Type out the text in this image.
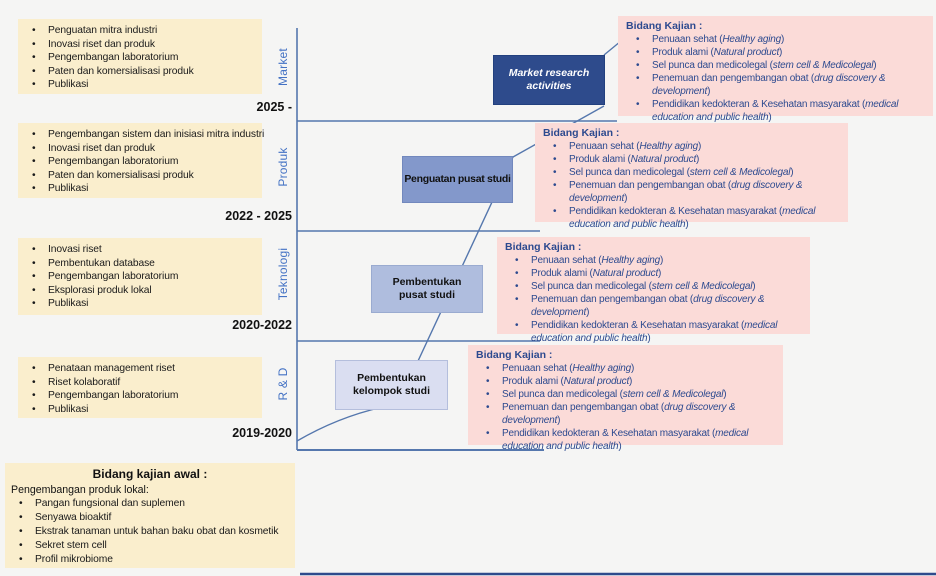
• Penguatan mitra industri
• Inovasi riset dan produk
• Pengembangan laboratorium
• Paten dan komersialisasi produk
• Publikasi
• Pengembangan sistem dan inisiasi mitra industri
• Inovasi riset dan produk
• Pengembangan laboratorium
• Paten dan komersialisasi produk
• Publikasi
• Inovasi riset
• Pembentukan database
• Pengembangan laboratorium
• Eksplorasi produk lokal
• Publikasi
• Penataan management riset
• Riset kolaboratif
• Pengembangan laboratorium
• Publikasi
Market
Produk
Teknologi
R & D
2025 -
2022 - 2025
2020-2022
2019-2020
Market research activities
Penguatan pusat studi
Pembentukan pusat studi
Pembentukan kelompok studi
Bidang Kajian :
• Penuaan sehat (Healthy aging)
• Produk alami (Natural product)
• Sel punca dan medicolegal (stem cell & Medicolegal)
• Penemuan dan pengembangan obat (drug discovery & development)
• Pendidikan kedokteran & Kesehatan masyarakat (medical education and public health)
Bidang Kajian :
• Penuaan sehat (Healthy aging)
• Produk alami (Natural product)
• Sel punca dan medicolegal (stem cell & Medicolegal)
• Penemuan dan pengembangan obat (drug discovery & development)
• Pendidikan kedokteran & Kesehatan masyarakat (medical education and public health)
Bidang Kajian :
• Penuaan sehat (Healthy aging)
• Produk alami (Natural product)
• Sel punca dan medicolegal (stem cell & Medicolegal)
• Penemuan dan pengembangan obat (drug discovery & development)
• Pendidikan kedokteran & Kesehatan masyarakat (medical education and public health)
Bidang Kajian :
• Penuaan sehat (Healthy aging)
• Produk alami (Natural product)
• Sel punca dan medicolegal (stem cell & Medicolegal)
• Penemuan dan pengembangan obat (drug discovery & development)
• Pendidikan kedokteran & Kesehatan masyarakat (medical education and public health)
Bidang kajian awal :
Pengembangan produk lokal:
• Pangan fungsional dan suplemen
• Senyawa bioaktif
• Ekstrak tanaman untuk bahan baku obat dan kosmetik
• Sekret stem cell
• Profil mikrobiome
